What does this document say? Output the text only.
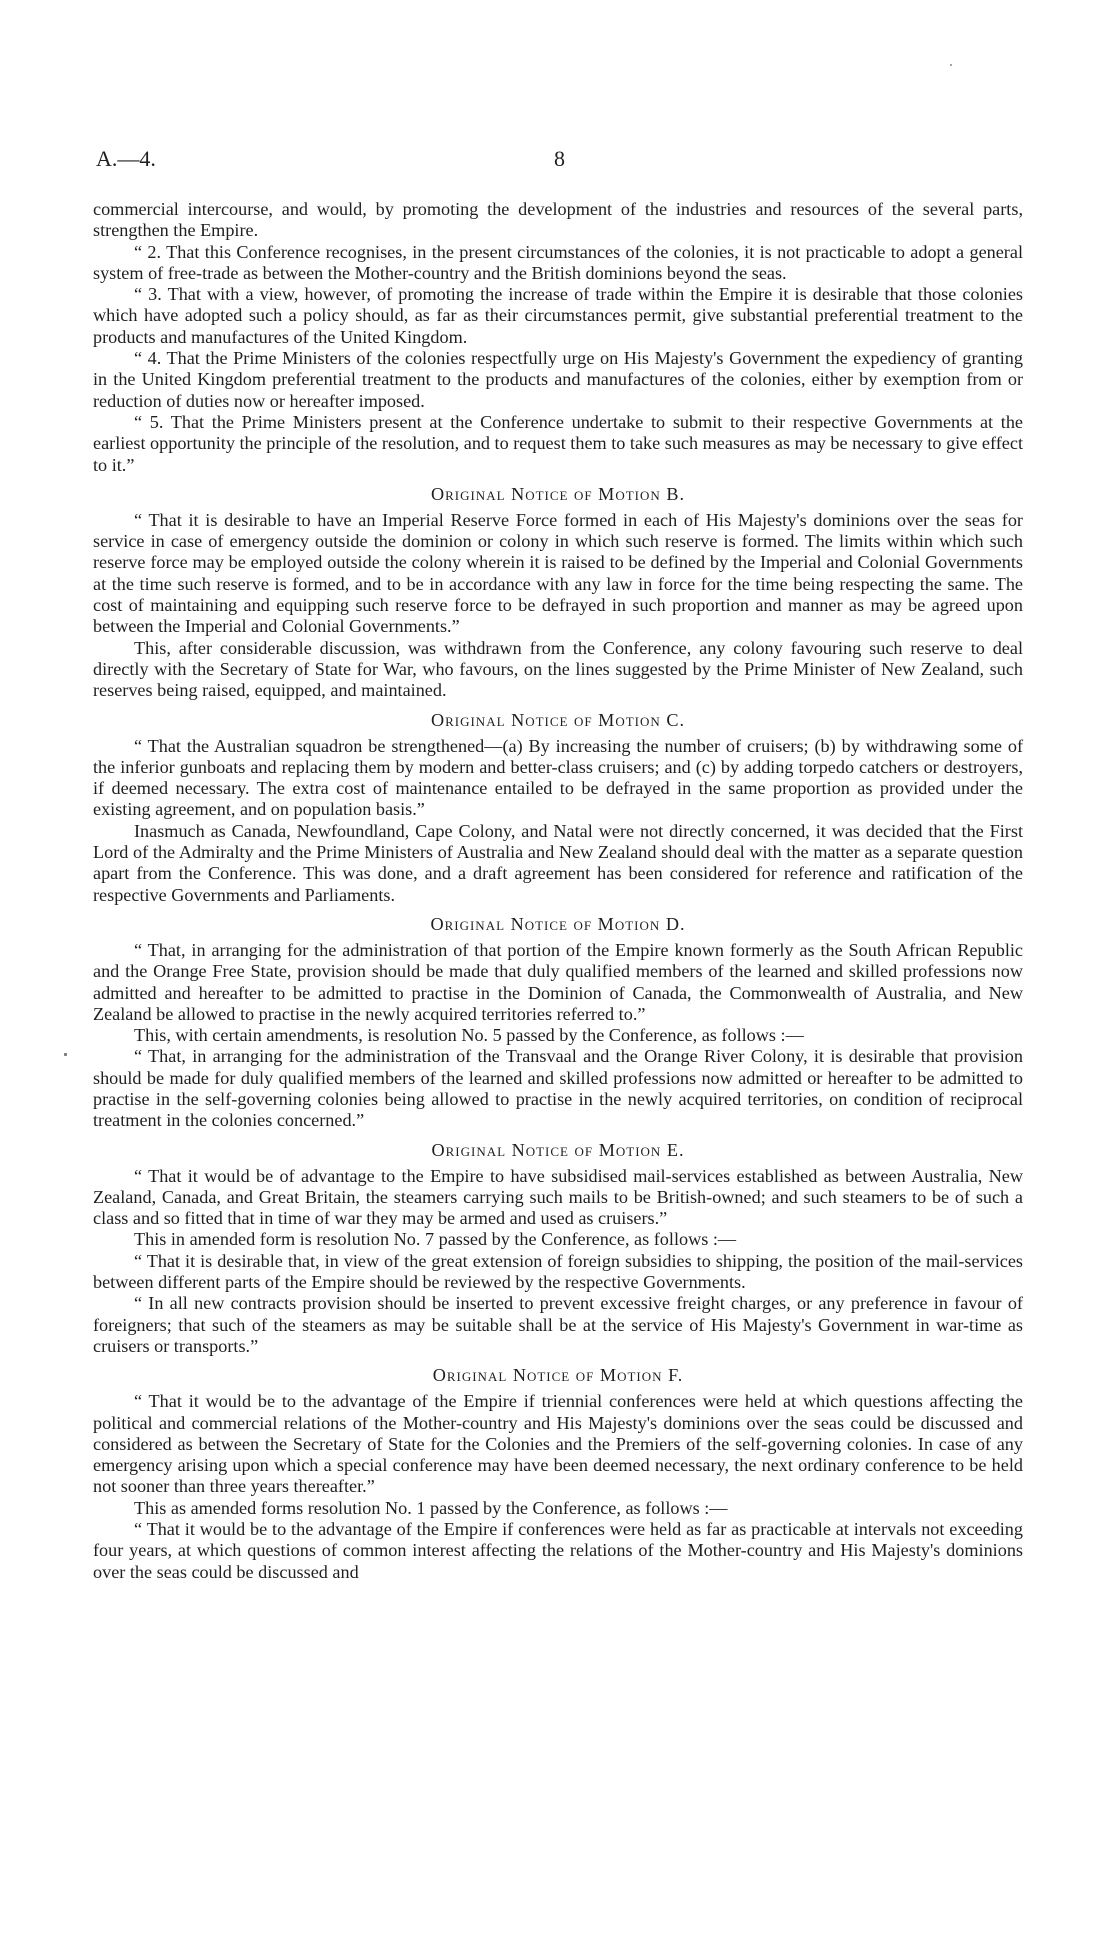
A.—4.	8

commercial intercourse, and would, by promoting the development of the industries and resources of the several parts, strengthen the Empire.

“ 2. That this Conference recognises, in the present circumstances of the colonies, it is not practicable to adopt a general system of free-trade as between the Mother-country and the British dominions beyond the seas.

“ 3. That with a view, however, of promoting the increase of trade within the Empire it is desirable that those colonies which have adopted such a policy should, as far as their circumstances permit, give substantial preferential treatment to the products and manufactures of the United Kingdom.

“ 4. That the Prime Ministers of the colonies respectfully urge on His Majesty's Government the expediency of granting in the United Kingdom preferential treatment to the products and manufactures of the colonies, either by exemption from or reduction of duties now or hereafter imposed.

“ 5. That the Prime Ministers present at the Conference undertake to submit to their respective Governments at the earliest opportunity the principle of the resolution, and to request them to take such measures as may be necessary to give effect to it.”

Original Notice of Motion B.

“ That it is desirable to have an Imperial Reserve Force formed in each of His Majesty's dominions over the seas for service in case of emergency outside the dominion or colony in which such reserve is formed. The limits within which such reserve force may be employed outside the colony wherein it is raised to be defined by the Imperial and Colonial Governments at the time such reserve is formed, and to be in accordance with any law in force for the time being respecting the same. The cost of maintaining and equipping such reserve force to be defrayed in such proportion and manner as may be agreed upon between the Imperial and Colonial Governments.”

This, after considerable discussion, was withdrawn from the Conference, any colony favouring such reserve to deal directly with the Secretary of State for War, who favours, on the lines suggested by the Prime Minister of New Zealand, such reserves being raised, equipped, and maintained.

Original Notice of Motion C.

“ That the Australian squadron be strengthened—(a) By increasing the number of cruisers; (b) by withdrawing some of the inferior gunboats and replacing them by modern and better-class cruisers; and (c) by adding torpedo catchers or destroyers, if deemed necessary. The extra cost of maintenance entailed to be defrayed in the same proportion as provided under the existing agreement, and on population basis.”

Inasmuch as Canada, Newfoundland, Cape Colony, and Natal were not directly concerned, it was decided that the First Lord of the Admiralty and the Prime Ministers of Australia and New Zealand should deal with the matter as a separate question apart from the Conference. This was done, and a draft agreement has been considered for reference and ratification of the respective Governments and Parliaments.

Original Notice of Motion D.

“ That, in arranging for the administration of that portion of the Empire known formerly as the South African Republic and the Orange Free State, provision should be made that duly qualified members of the learned and skilled professions now admitted and hereafter to be admitted to practise in the Dominion of Canada, the Commonwealth of Australia, and New Zealand be allowed to practise in the newly acquired territories referred to.”

This, with certain amendments, is resolution No. 5 passed by the Conference, as follows :—

“ That, in arranging for the administration of the Transvaal and the Orange River Colony, it is desirable that provision should be made for duly qualified members of the learned and skilled professions now admitted or hereafter to be admitted to practise in the self-governing colonies being allowed to practise in the newly acquired territories, on condition of reciprocal treatment in the colonies concerned.”

Original Notice of Motion E.

“ That it would be of advantage to the Empire to have subsidised mail-services established as between Australia, New Zealand, Canada, and Great Britain, the steamers carrying such mails to be British-owned; and such steamers to be of such a class and so fitted that in time of war they may be armed and used as cruisers.”

This in amended form is resolution No. 7 passed by the Conference, as follows :—

“ That it is desirable that, in view of the great extension of foreign subsidies to shipping, the position of the mail-services between different parts of the Empire should be reviewed by the respective Governments.

“ In all new contracts provision should be inserted to prevent excessive freight charges, or any preference in favour of foreigners; that such of the steamers as may be suitable shall be at the service of His Majesty's Government in war-time as cruisers or transports.”

Original Notice of Motion F.

“ That it would be to the advantage of the Empire if triennial conferences were held at which questions affecting the political and commercial relations of the Mother-country and His Majesty's dominions over the seas could be discussed and considered as between the Secretary of State for the Colonies and the Premiers of the self-governing colonies. In case of any emergency arising upon which a special conference may have been deemed necessary, the next ordinary conference to be held not sooner than three years thereafter.”

This as amended forms resolution No. 1 passed by the Conference, as follows :—

“ That it would be to the advantage of the Empire if conferences were held as far as practicable at intervals not exceeding four years, at which questions of common interest affecting the relations of the Mother-country and His Majesty's dominions over the seas could be discussed and
